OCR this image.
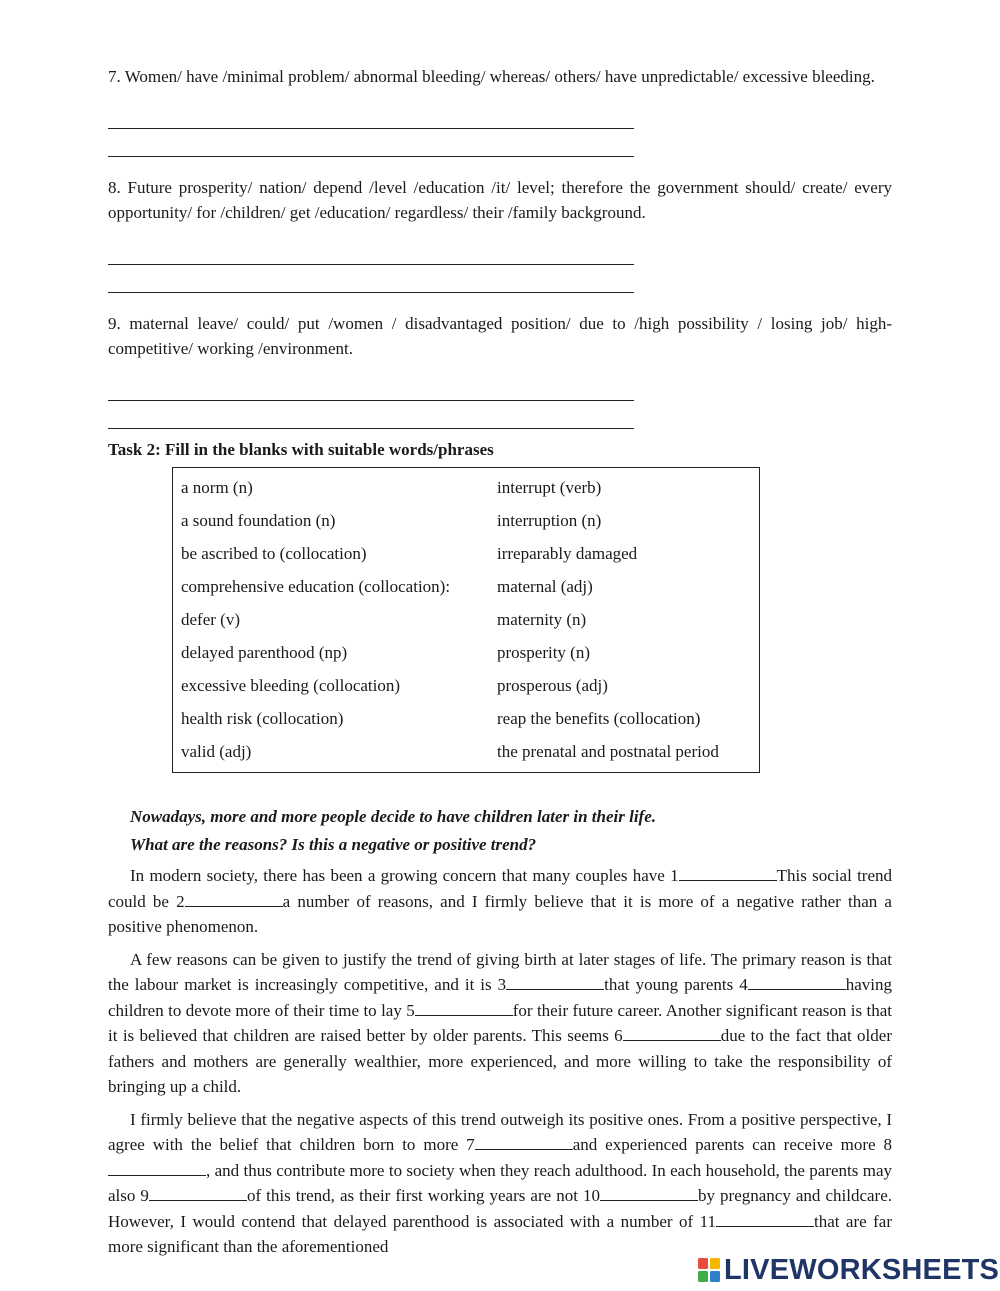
7. Women/ have /minimal problem/ abnormal bleeding/ whereas/ others/ have unpredictable/ excessive bleeding.

8. Future prosperity/ nation/ depend /level /education /it/ level; therefore the government should/ create/ every opportunity/ for /children/ get /education/ regardless/ their /family background.

9. maternal leave/ could/ put /women / disadvantaged position/ due to /high possibility / losing job/ high-competitive/ working /environment.

Task 2: Fill in the blanks with suitable words/phrases

a norm (n)	interrupt (verb)
a sound foundation (n)	interruption (n)
be ascribed to (collocation)	irreparably damaged
comprehensive education (collocation):	maternal (adj)
defer (v)	maternity (n)
delayed parenthood (np)	prosperity (n)
excessive bleeding (collocation)	prosperous (adj)
health risk (collocation)	reap the benefits (collocation)
valid (adj)	the prenatal and postnatal period

Nowadays, more and more people decide to have children later in their life.

What are the reasons? Is this a negative or positive trend?

In modern society, there has been a growing concern that many couples have 1	This social trend could be 2	a number of reasons, and I firmly believe that it is more of a negative rather than a positive phenomenon.

A few reasons can be given to justify the trend of giving birth at later stages of life. The primary reason is that the labour market is increasingly competitive, and it is 3	that young parents 4	having children to devote more of their time to lay 5	for their future career. Another significant reason is that it is believed that children are raised better by older parents. This seems 6	due to the fact that older fathers and mothers are generally wealthier, more experienced, and more willing to take the responsibility of bringing up a child.

I firmly believe that the negative aspects of this trend outweigh its positive ones. From a positive perspective, I agree with the belief that children born to more 7	and experienced parents can receive more 8, and thus contribute more to society when they reach adulthood. In each household, the parents may also 9	of this trend, as their first working years are not 10	by pregnancy and childcare. However, I would contend that delayed parenthood is associated with a number of 11	that are far more significant than the aforementioned

LIVEWORKSHEETS
